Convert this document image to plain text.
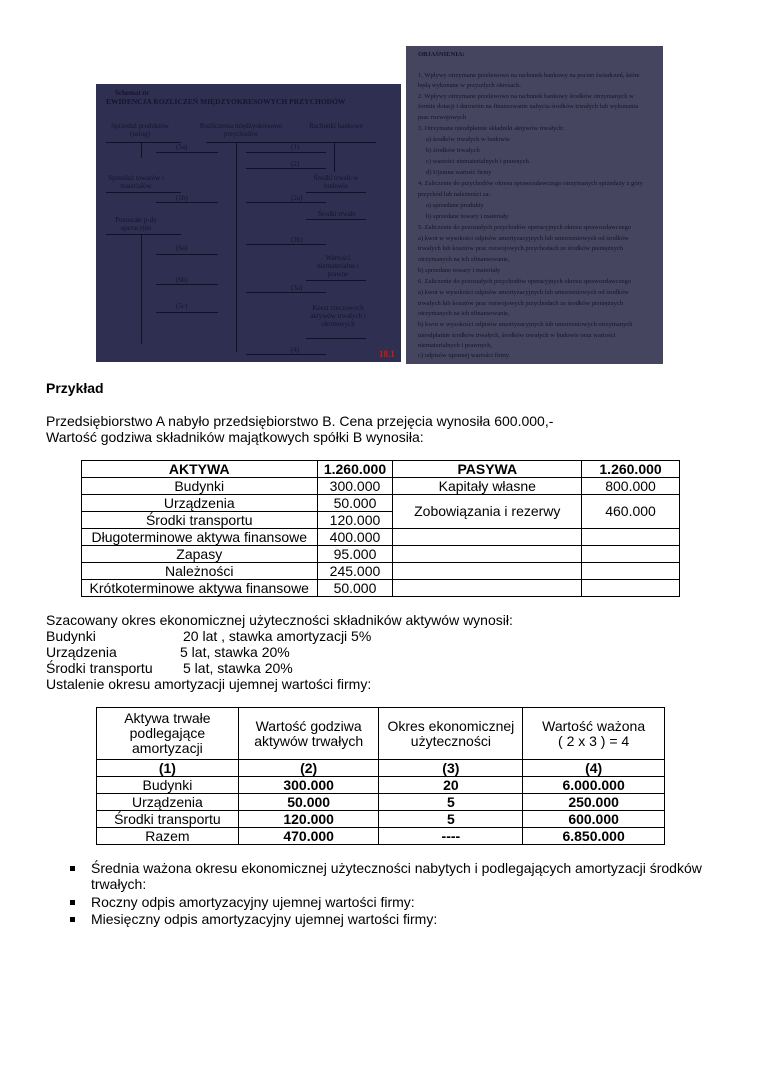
Schemat nr
EWIDENCJA ROZLICZEŃ MIĘDZYOKRESOWYCH PRZYCHODÓW
Sprzedaż produktów (usług)
Rozliczenia międzyokresowe przychodów
Rachunki bankowe
(5a)	(1)
(2)
Sprzedaż towarów i materiałów
(5b)
Środki trwałe w budowie
(2a)
Środki trwałe
Pozostałe p-dy operacyjne
(2b)
(6a)
Wartości niematerialne i prawne
(6b)
(3a)
(5c)	Koszt rzeczowych aktywów trwałych i obrotowych
(4)	18.1
OBJAŚNIENIA:
1. Wpływy otrzymane przelewowo na rachunek bankowy na poczet świadczeń, które
będą wykonane w przyszłych okresach.
2. Wpływy otrzymane przelewowo na rachunek bankowy środków otrzymanych w
formie dotacji i darowizn na finansowanie nabycia środków trwałych lub wykonania
prac rozwojowych
3. Otrzymane nieodpłatnie składniki aktywów trwałych:
a) środków trwałych w budowie
b) środków trwałych
c) wartości niematerialnych i prawnych
d) Ujemna wartość firmy
4. Zaliczenie do przychodów okresu sprawozdawczego otrzymanych sprzedaży z góry
przychód lub należności za:
a) sprzedane produkty
b) sprzedane towary i materiały
5. Zaliczenie do pozostałych przychodów operacyjnych okresu sprawozdawczego
a) kwot w wysokości odpisów amortyzacyjnych lub umorzeniowych od środków
trwałych lub kosztów prac rozwojowych przychodach ze środków pieniężnych
otrzymanych na ich sfinansowanie,
b) sprzedane towary i materiały
6. Zaliczenie do pozostałych przychodów operacyjnych okresu sprawozdawczego
a) kwot w wysokości odpisów amortyzacyjnych lub umorzeniowych od środków
trwałych lub kosztów prac rozwojowych przychodach ze środków pieniężnych
otrzymanych na ich sfinansowanie,
b) kwot w wysokości odpisów amortyzacyjnych lub umorzeniowych otrzymanych
nieodpłatnie środków trwałych, środków trwałych w budowie oraz wartości
niematerialnych i prawnych,
c) odpisów ujemnej wartości firmy.

Przykład

Przedsiębiorstwo A nabyło przedsiębiorstwo B. Cena przejęcia wynosiła 600.000,-

Wartość godziwa składników majątkowych spółki B wynosiła:

AKTYWA	1.260.000	PASYWA	1.260.000
Budynki	300.000	Kapitały własne	800.000
Urządzenia	50.000	Zobowiązania i rezerwy	460.000
Środki transportu	120.000		
Długoterminowe aktywa finansowe	400.000		
Zapasy	95.000		
Należności	245.000		
Krótkoterminowe aktywa finansowe	50.000		

Szacowany okres ekonomicznej użyteczności składników aktywów wynosił:

Budynki	20 lat , stawka amortyzacji 5%

Urządzenia	5 lat, stawka 20%

Środki transportu 5 lat, stawka 20%

Ustalenie okresu amortyzacji ujemnej wartości firmy:

Aktywa trwałe podlegające amortyzacji	Wartość godziwa aktywów trwałych	Okres ekonomicznej użyteczności	Wartość ważona ( 2 x 3 ) = 4
(1)	(2)	(3)	(4)
Budynki	300.000	20	6.000.000
Urządzenia	50.000	5	250.000
Środki transportu	120.000	5	600.000
Razem	470.000	----	6.850.000
Średnia ważona okresu ekonomicznej użyteczności nabytych i podlegających amortyzacji środków
trwałych:
Roczny odpis amortyzacyjny ujemnej wartości firmy:
Miesięczny odpis amortyzacyjny ujemnej wartości firmy:
